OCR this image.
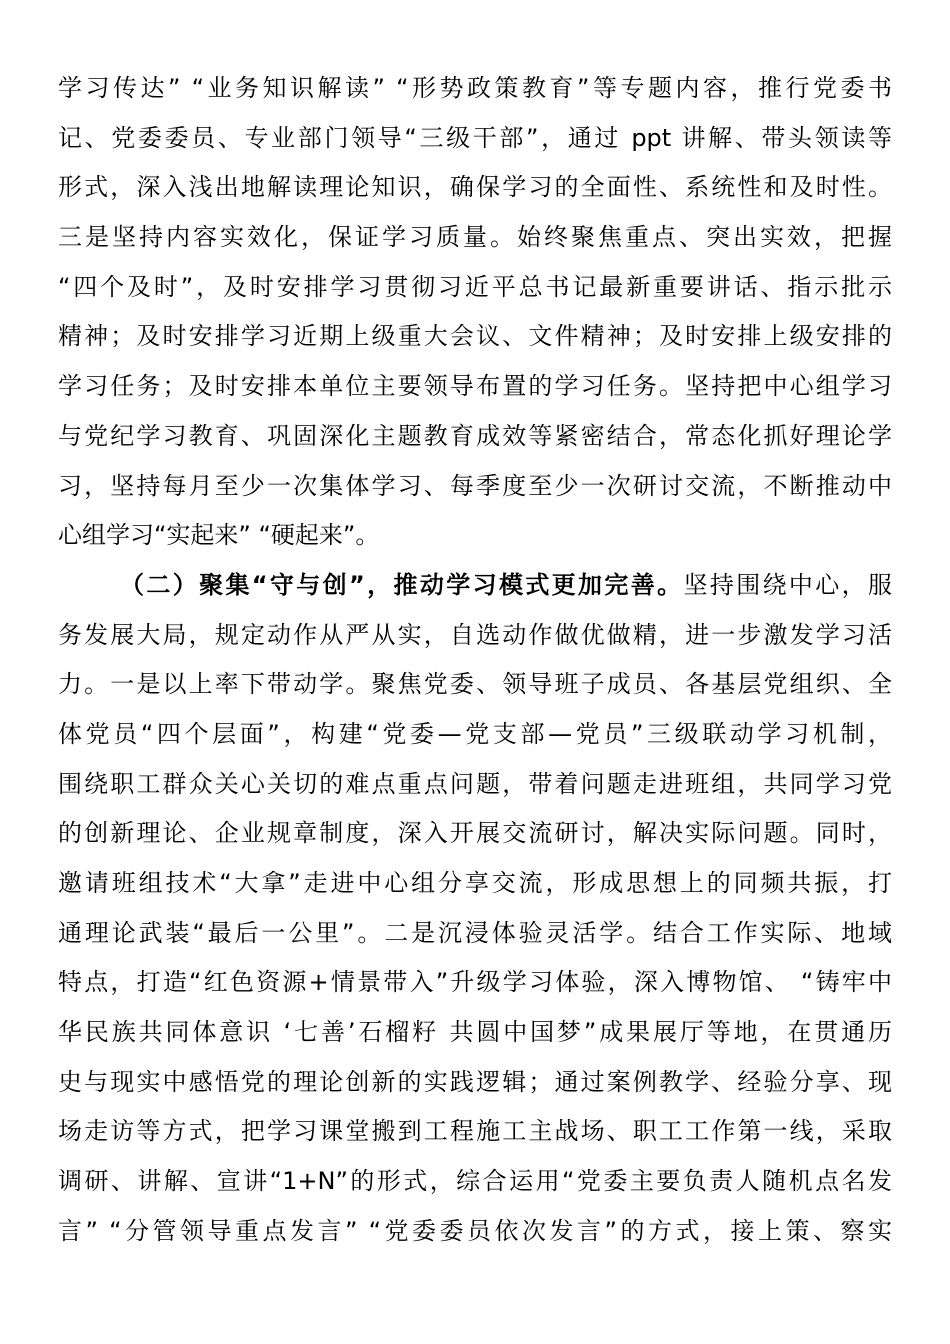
学习传达” “业务知识解读” “形势政策教育”等专题内容，推行党委书
记、党委委员、专业部门领导“三级干部”，通过 ppt 讲解、带头领读等
形式，深入浅出地解读理论知识，确保学习的全面性、系统性和及时性。
三是坚持内容实效化，保证学习质量。始终聚焦重点、突出实效，把握
“四个及时”，及时安排学习贯彻习近平总书记最新重要讲话、指示批示
精神；及时安排学习近期上级重大会议、文件精神；及时安排上级安排的
学习任务；及时安排本单位主要领导布置的学习任务。坚持把中心组学习
与党纪学习教育、巩固深化主题教育成效等紧密结合，常态化抓好理论学
习，坚持每月至少一次集体学习、每季度至少一次研讨交流，不断推动中
心组学习“实起来” “硬起来”。
（二）聚集“守与创”，推动学习模式更加完善。坚持围绕中心，服
务发展大局，规定动作从严从实，自选动作做优做精，进一步激发学习活
力。一是以上率下带动学。聚焦党委、领导班子成员、各基层党组织、全
体党员“四个层面”，构建“党委—党支部—党员”三级联动学习机制，
围绕职工群众关心关切的难点重点问题，带着问题走进班组，共同学习党
的创新理论、企业规章制度，深入开展交流研讨，解决实际问题。同时，
邀请班组技术“大拿”走进中心组分享交流，形成思想上的同频共振，打
通理论武装“最后一公里”。二是沉浸体验灵活学。结合工作实际、地域
特点，打造“红色资源+情景带入”升级学习体验，深入博物馆、 “铸牢中
华民族共同体意识 ‘七善’石榴籽 共圆中国梦”成果展厅等地，在贯通历
史与现实中感悟党的理论创新的实践逻辑；通过案例教学、经验分享、现
场走访等方式，把学习课堂搬到工程施工主战场、职工工作第一线，采取
调研、讲解、宣讲“1+N”的形式，综合运用“党委主要负责人随机点名发
言” “分管领导重点发言” “党委委员依次发言”的方式，接上策、察实
